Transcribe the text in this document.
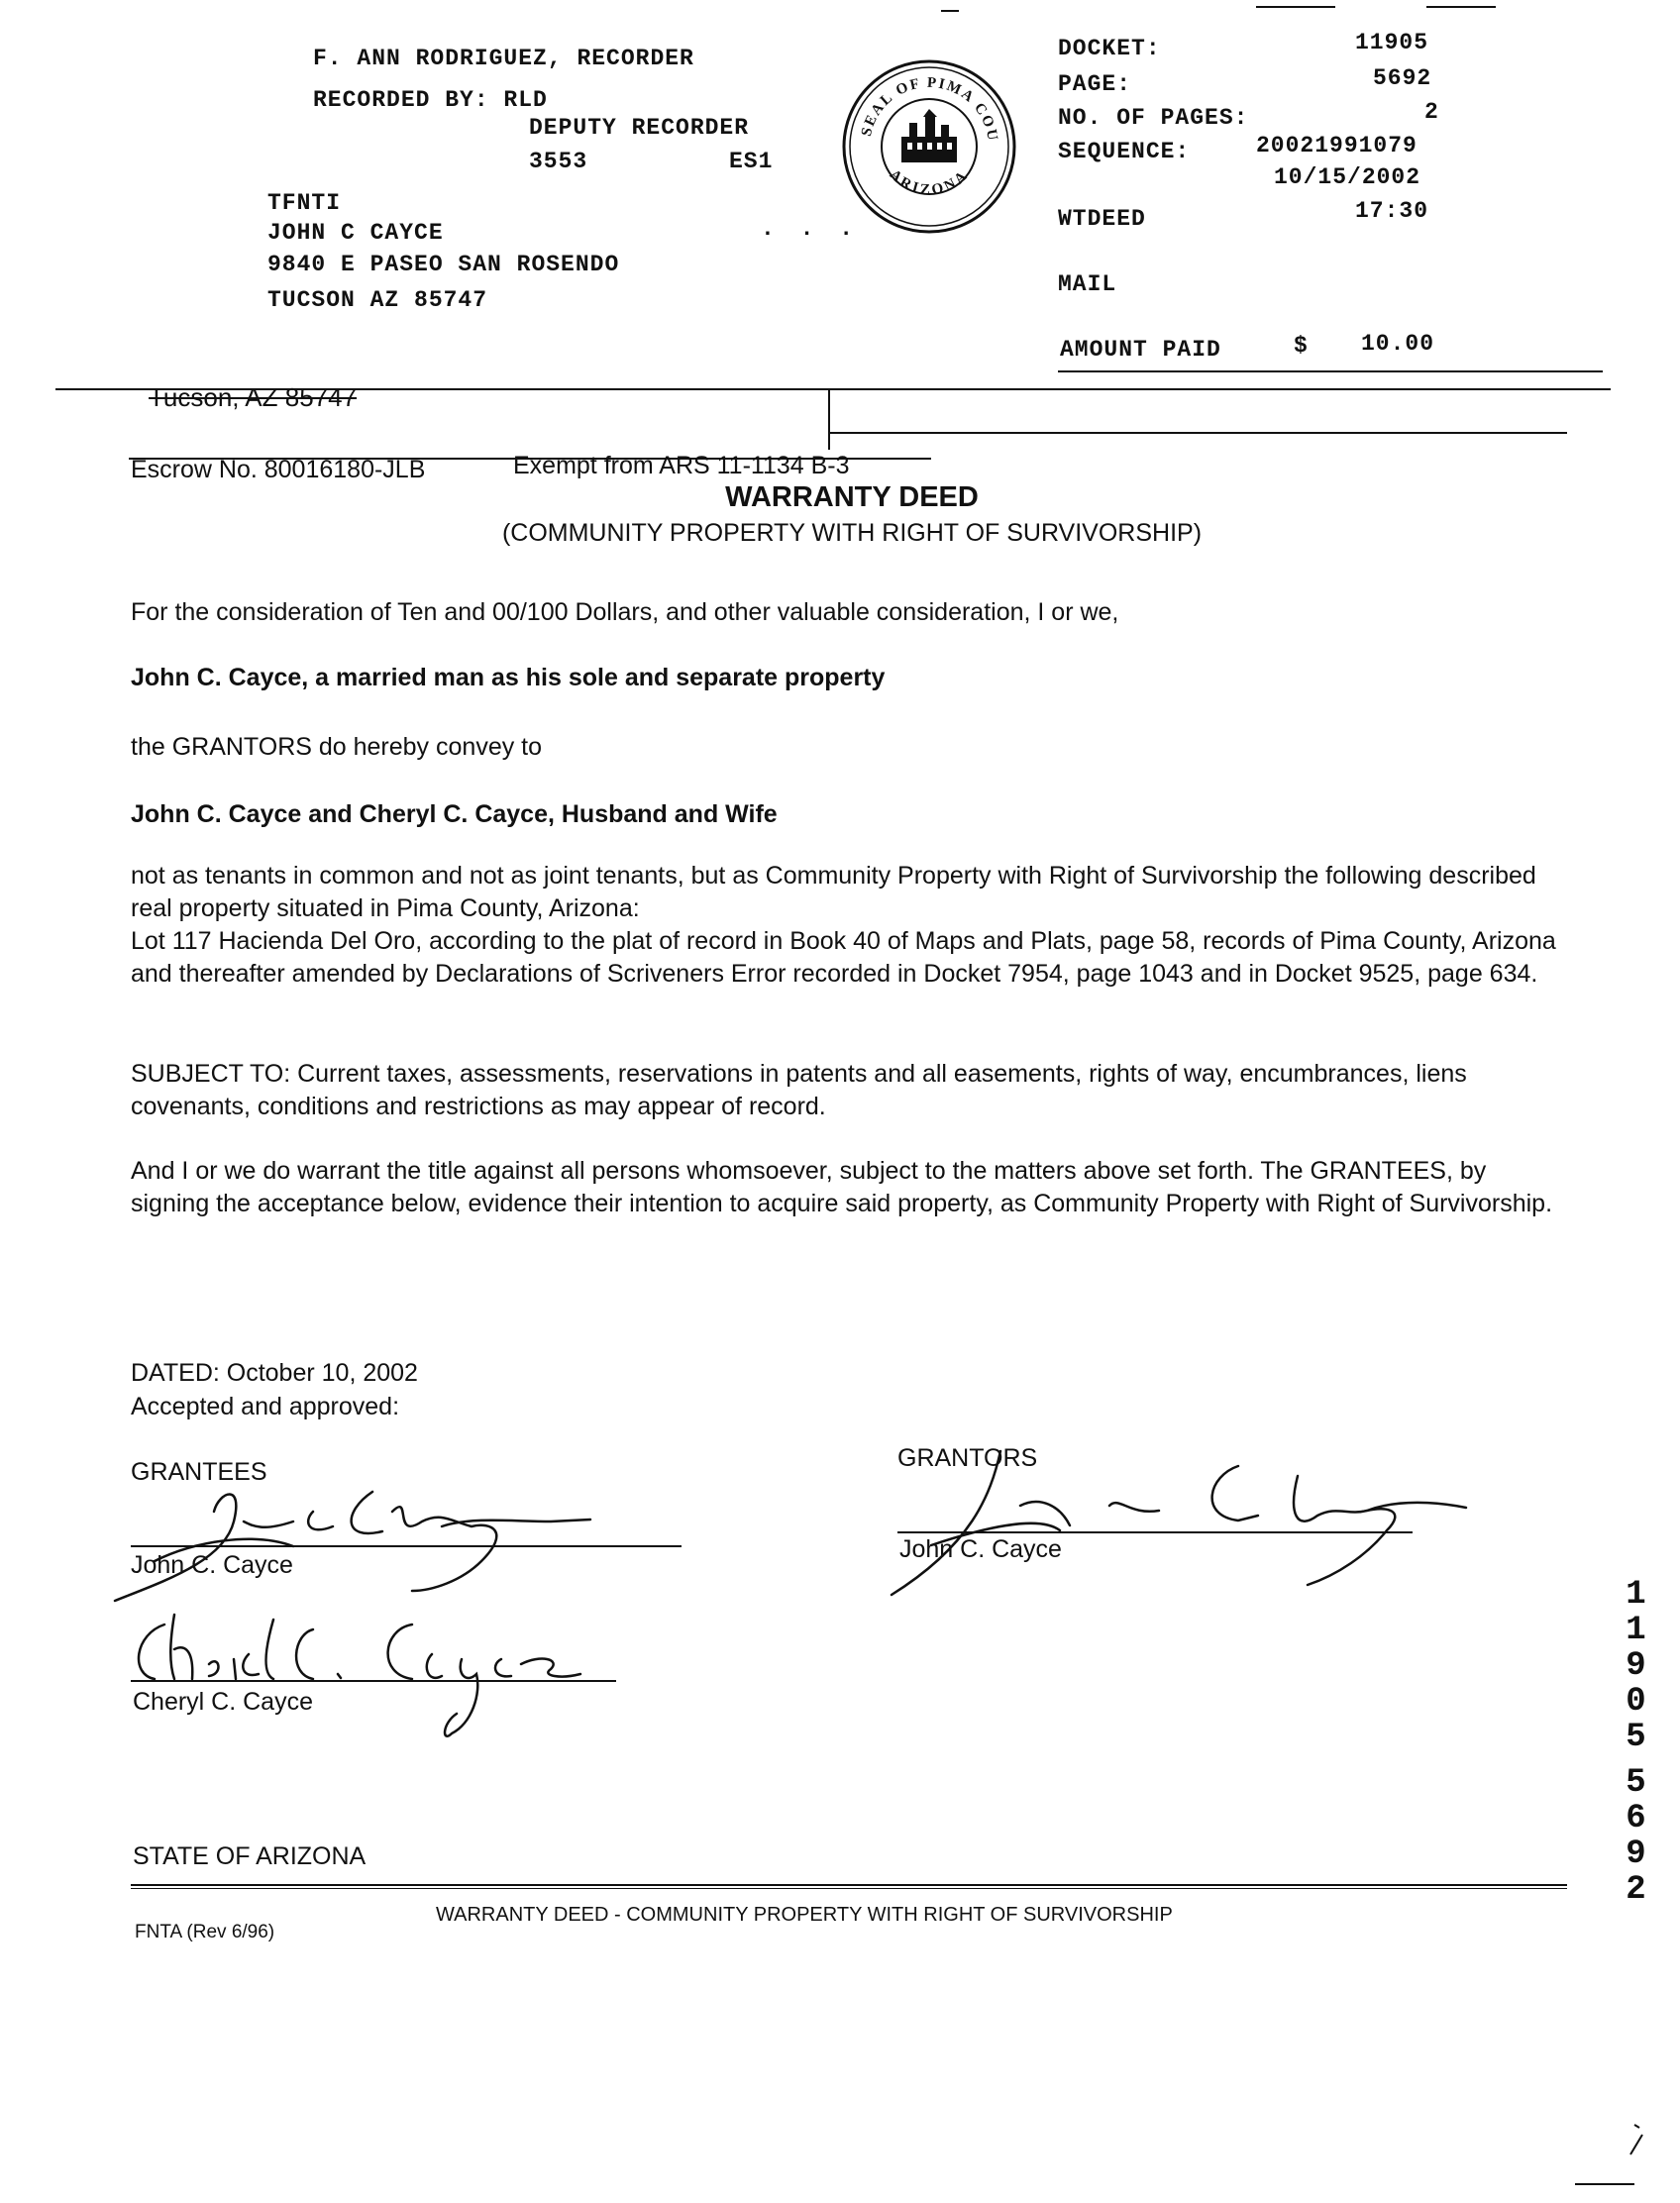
F. ANN RODRIGUEZ, RECORDER
RECORDED BY: RLD
DEPUTY RECORDER
3553	ES1
TFNTI
JOHN C CAYCE
9840 E PASEO SAN ROSENDO
TUCSON AZ 85747
. . .
SEAL OF PIMA COU
ARIZONA
DOCKET:	11905
PAGE:	5692
NO. OF PAGES:	2
SEQUENCE:	20021991079
10/15/2002
WTDEED	17:30
MAIL
AMOUNT PAID	$ 10.00
Tucson, AZ 85747
Escrow No. 80016180-JLB	Exempt from ARS 11-1134 B-3
WARRANTY DEED
(COMMUNITY PROPERTY WITH RIGHT OF SURVIVORSHIP)
For the consideration of Ten and 00/100 Dollars, and other valuable consideration, I or we,
John C. Cayce, a married man as his sole and separate property
the GRANTORS do hereby convey to
John C. Cayce and Cheryl C. Cayce, Husband and Wife
not as tenants in common and not as joint tenants, but as Community Property with Right of Survivorship the following described real property situated in Pima County, Arizona:
Lot 117 Hacienda Del Oro, according to the plat of record in Book 40 of Maps and Plats, page 58, records of Pima County, Arizona and thereafter amended by Declarations of Scriveners Error recorded in Docket 7954, page 1043 and in Docket 9525, page 634.
SUBJECT TO: Current taxes, assessments, reservations in patents and all easements, rights of way, encumbrances, liens covenants, conditions and restrictions as may appear of record.
And I or we do warrant the title against all persons whomsoever, subject to the matters above set forth. The GRANTEES, by signing the acceptance below, evidence their intention to acquire said property, as Community Property with Right of Survivorship.
DATED: October 10, 2002
Accepted and approved:
GRANTEES	GRANTORS
John C. Cayce
Cheryl C. Cayce
John C. Cayce
STATE OF ARIZONA
FNTA (Rev 6/96)
WARRANTY DEED - COMMUNITY PROPERTY WITH RIGHT OF SURVIVORSHIP
1
1
9
0
5
5
6
9
2
